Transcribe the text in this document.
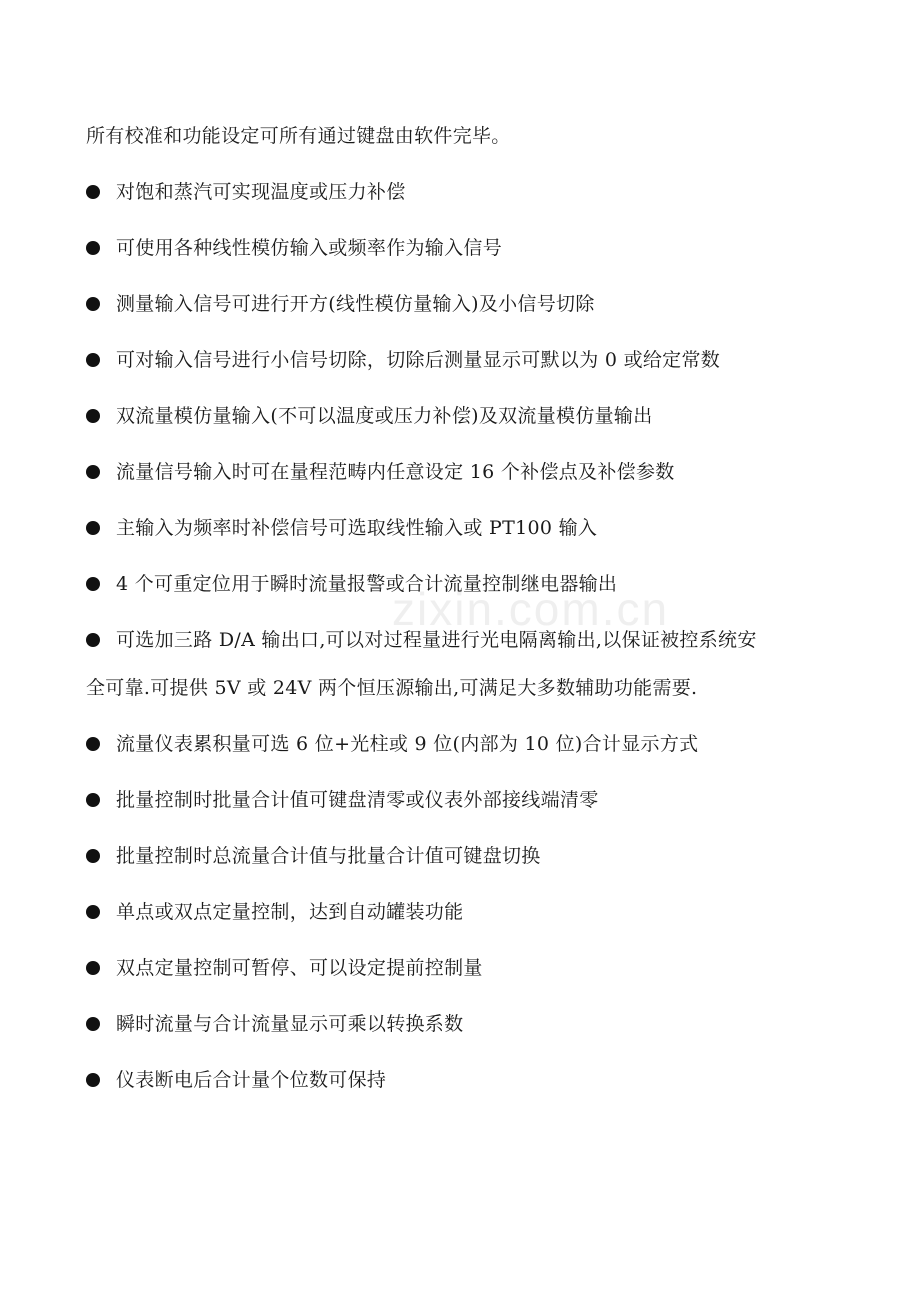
所有校准和功能设定可所有通过键盘由软件完毕。
对饱和蒸汽可实现温度或压力补偿
可使用各种线性模仿输入或频率作为输入信号
测量输入信号可进行开方(线性模仿量输入)及小信号切除
可对输入信号进行小信号切除，切除后测量显示可默以为 0 或给定常数
双流量模仿量输入(不可以温度或压力补偿)及双流量模仿量输出
流量信号输入时可在量程范畴内任意设定 16 个补偿点及补偿参数
主输入为频率时补偿信号可选取线性输入或 PT100 输入
4 个可重定位用于瞬时流量报警或合计流量控制继电器输出
可选加三路 D/A 输出口,可以对过程量进行光电隔离输出,以保证被控系统安
全可靠.可提供 5V 或 24V 两个恒压源输出,可满足大多数辅助功能需要.
流量仪表累积量可选 6 位+光柱或 9 位(内部为 10 位)合计显示方式
批量控制时批量合计值可键盘清零或仪表外部接线端清零
批量控制时总流量合计值与批量合计值可键盘切换
单点或双点定量控制，达到自动罐装功能
双点定量控制可暂停、可以设定提前控制量
瞬时流量与合计流量显示可乘以转换系数
仪表断电后合计量个位数可保持
zixin.com.cn
